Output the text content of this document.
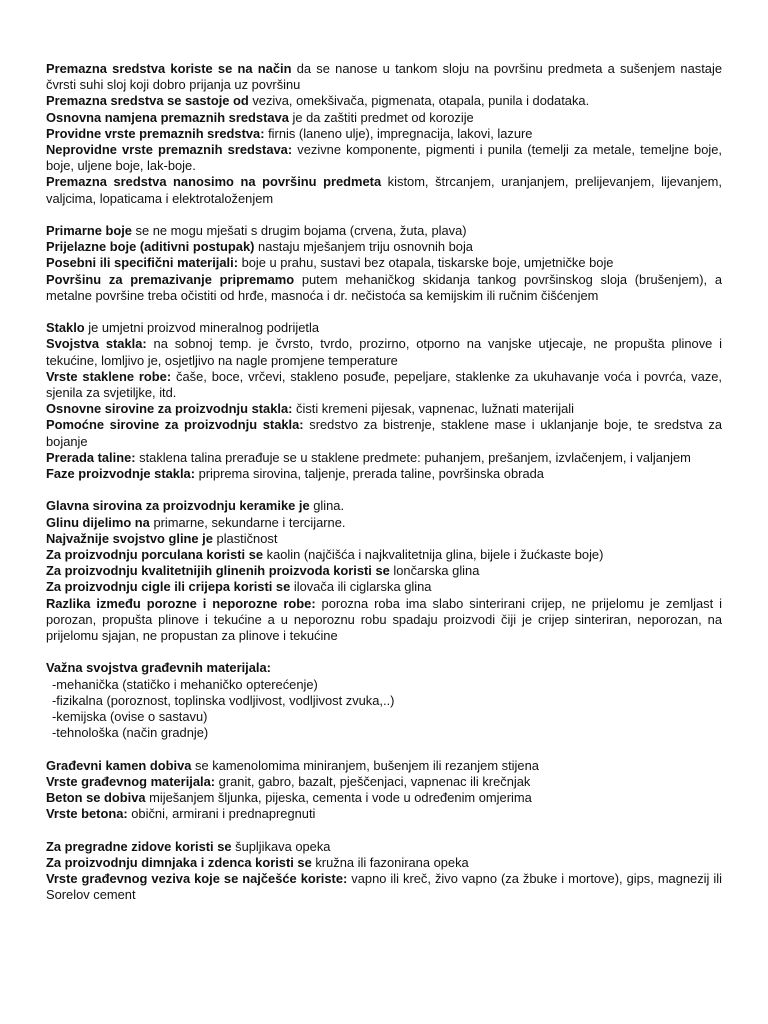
Premazna sredstva koriste se na način da se nanose u tankom sloju na površinu predmeta a sušenjem nastaje čvrsti suhi sloj koji dobro prijanja uz površinu
Premazna sredstva se sastoje od veziva, omekšivača, pigmenata, otapala, punila i dodataka.
Osnovna namjena premaznih sredstava je da zaštiti predmet od korozije
Providne vrste premaznih sredstva: firnis (laneno ulje), impregnacija, lakovi, lazure
Neprovidne vrste premaznih sredstava: vezivne komponente, pigmenti i punila (temelji za metale, temeljne boje, boje, uljene boje, lak-boje.
Premazna sredstva nanosimo na površinu predmeta kistom, štrcanjem, uranjanjem, prelijevanjem, lijevanjem, valjcima, lopaticama i elektrotaloženjem
Primarne boje se ne mogu mješati s drugim bojama (crvena, žuta, plava)
Prijelazne boje (aditivni postupak) nastaju mješanjem triju osnovnih boja
Posebni ili specifični materijali: boje u prahu, sustavi bez otapala, tiskarske boje, umjetničke boje
Površinu za premazivanje pripremamo putem mehaničkog skidanja tankog površinskog sloja (brušenjem), a metalne površine treba očistiti od hrđe, masnoća i dr. nečistoća sa kemijskim ili ručnim čišćenjem
Staklo je umjetni proizvod mineralnog podrijetla
Svojstva stakla: na sobnoj temp. je čvrsto, tvrdo, prozirno, otporno na vanjske utjecaje, ne propušta plinove i tekućine, lomljivo je, osjetljivo na nagle promjene temperature
Vrste staklene robe: čaše, boce, vrčevi, stakleno posuđe, pepeljare, staklenke za ukuhavanje voća i povrća, vaze, sjenila za svjetiljke, itd.
Osnovne sirovine za proizvodnju stakla: čisti kremeni pijesak, vapnenac, lužnati materijali
Pomoćne sirovine za proizvodnju stakla: sredstvo za bistrenje, staklene mase i uklanjanje boje, te sredstva za bojanje
Prerada taline: staklena talina prerađuje se u staklene predmete: puhanjem, prešanjem, izvlačenjem, i valjanjem
Faze proizvodnje stakla: priprema sirovina, taljenje, prerada taline, površinska obrada
Glavna sirovina za proizvodnju keramike je glina.
Glinu dijelimo na primarne, sekundarne i tercijarne.
Najvažnije svojstvo gline je plastičnost
Za proizvodnju porculana koristi se kaolin (najčišća i najkvalitetnija glina, bijele i žućkaste boje)
Za proizvodnju kvalitetnijih glinenih proizvoda koristi se lončarska glina
Za proizvodnju cigle ili crijepa koristi se ilovača ili ciglarska glina
Razlika između porozne i neporozne robe: porozna roba ima slabo sinterirani crijep, ne prijelomu je zemljast i porozan, propušta plinove i tekućine a u neporoznu robu spadaju proizvodi čiji je crijep sinteriran, neporozan, na prijelomu sjajan, ne propustan za plinove i tekućine
Važna svojstva građevnih materijala:
-mehanička (statičko i mehaničko opterećenje)
-fizikalna (poroznost, toplinska vodljivost, vodljivost zvuka,..)
-kemijska (ovise o sastavu)
-tehnološka (način gradnje)
Građevni kamen dobiva se kamenolomima miniranjem, bušenjem ili rezanjem stijena
Vrste građevnog materijala: granit, gabro, bazalt, pješčenjaci, vapnenac ili krečnjak
Beton se dobiva miješanjem šljunka, pijeska, cementa i vode u određenim omjerima
Vrste betona: obični, armirani i prednapregnuti
Za pregradne zidove koristi se šupljikava opeka
Za proizvodnju dimnjaka i zdenca koristi se kružna ili fazonirana opeka
Vrste građevnog veziva koje se najčešće koriste: vapno ili kreč, živo vapno (za žbuke i mortove), gips, magnezij ili Sorelov cement
